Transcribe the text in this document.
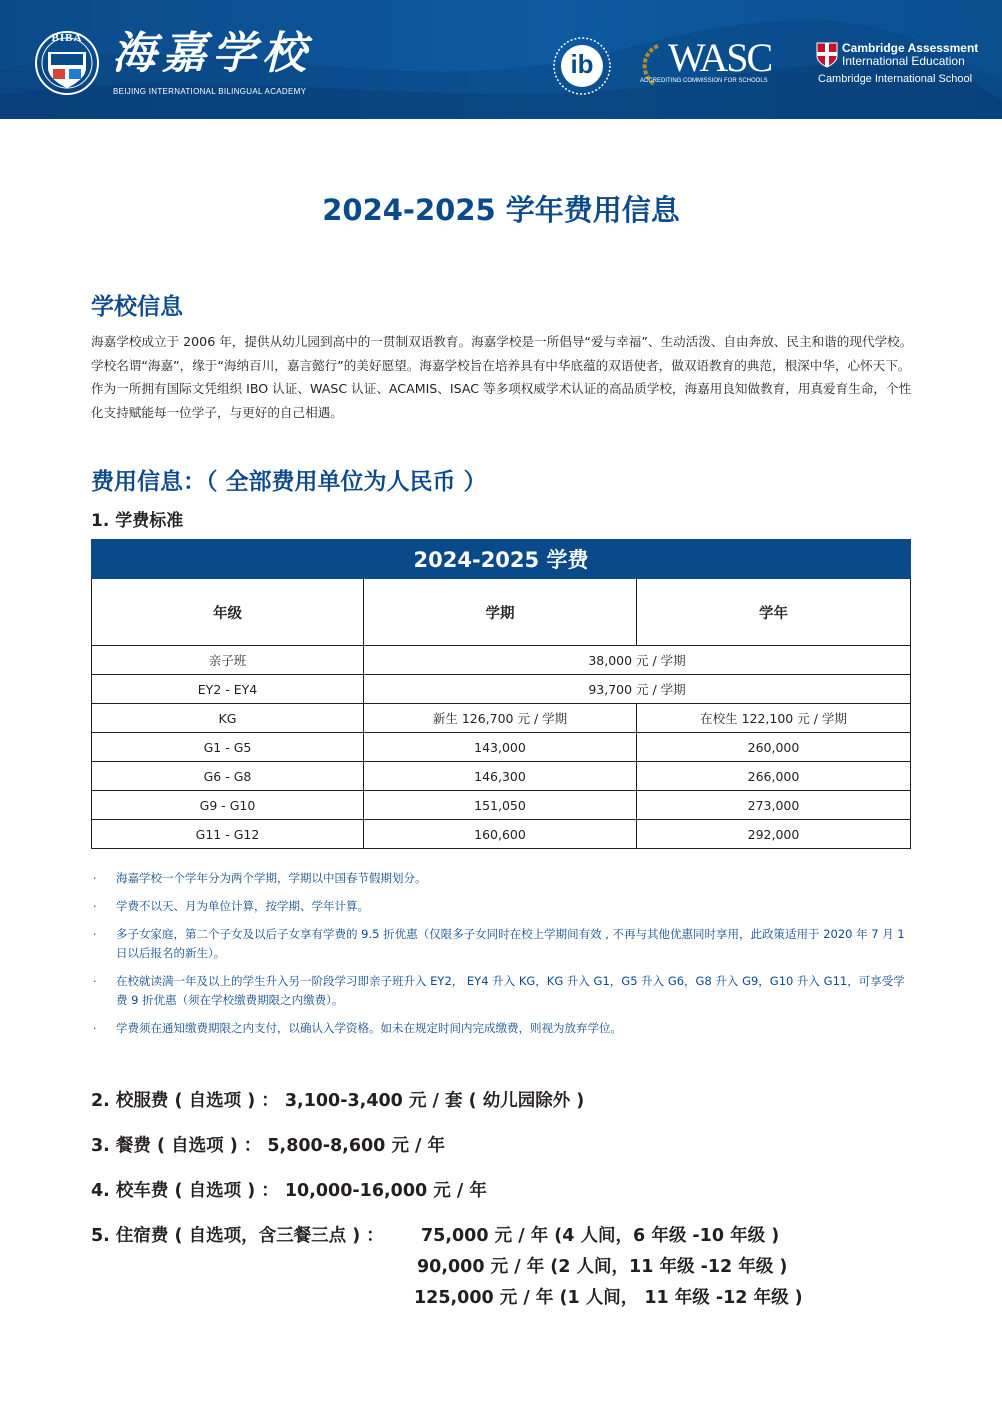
BIBA 海嘉学校
BEIJING INTERNATIONAL BILINGUAL ACADEMY
ib	WASC
ACCREDITING COMMISSION FOR SCHOOLS
Cambridge Assessment
International Education
Cambridge International School
2024-2025 学年费用信息
学校信息
海嘉学校成立于 2006 年，提供从幼儿园到高中的一贯制双语教育。海嘉学校是一所倡导“爱与幸福”、生动活泼、自由奔放、民主和谐的现代学校。学校名谓“海嘉”，缘于“海纳百川，嘉言懿行”的美好愿望。海嘉学校旨在培养具有中华底蕴的双语使者，做双语教育的典范，根深中华，心怀天下。作为一所拥有国际文凭组织 IBO 认证、WASC 认证、ACAMIS、ISAC 等多项权威学术认证的高品质学校，海嘉用良知做教育，用真爱育生命，个性化支持赋能每一位学子，与更好的自己相遇。
费用信息：（ 全部费用单位为人民币 ）
1. 学费标准
2024-2025 学费		
年级	学期	学年
亲子班	38,000 元 / 学期	
EY2 - EY4	93,700 元 / 学期	
KG	新生 126,700 元 / 学期	在校生 122,100 元 / 学期
G1 - G5	143,000	260,000
G6 - G8	146,300	266,000
G9 - G10	151,050	273,000
G11 - G12	160,600	292,000
· 海嘉学校一个学年分为两个学期，学期以中国春节假期划分。
· 学费不以天、月为单位计算，按学期、学年计算。
· 多子女家庭，第二个子女及以后子女享有学费的 9.5 折优惠（仅限多子女同时在校上学期间有效 , 不再与其他优惠同时享用，此政策适用于 2020 年 7 月 1 日以后报名的新生）。
· 在校就读满一年及以上的学生升入另一阶段学习即亲子班升入 EY2， EY4 升入 KG，KG 升入 G1，G5 升入 G6，G8 升入 G9，G10 升入 G11，可享受学费 9 折优惠（须在学校缴费期限之内缴费）。
· 学费须在通知缴费期限之内支付，以确认入学资格。如未在规定时间内完成缴费，则视为放弃学位。
2. 校服费 ( 自选项 ) ： 3,100-3,400 元 / 套 ( 幼儿园除外 )
3. 餐费 ( 自选项 ) ： 5,800-8,600 元 / 年
4. 校车费 ( 自选项 ) ： 10,000-16,000 元 / 年
5. 住宿费 ( 自选项，含三餐三点 ) ： 75,000 元 / 年 (4 人间，6 年级 -10 年级 )
90,000 元 / 年 (2 人间，11 年级 -12 年级 )
125,000 元 / 年 (1 人间， 11 年级 -12 年级 )
